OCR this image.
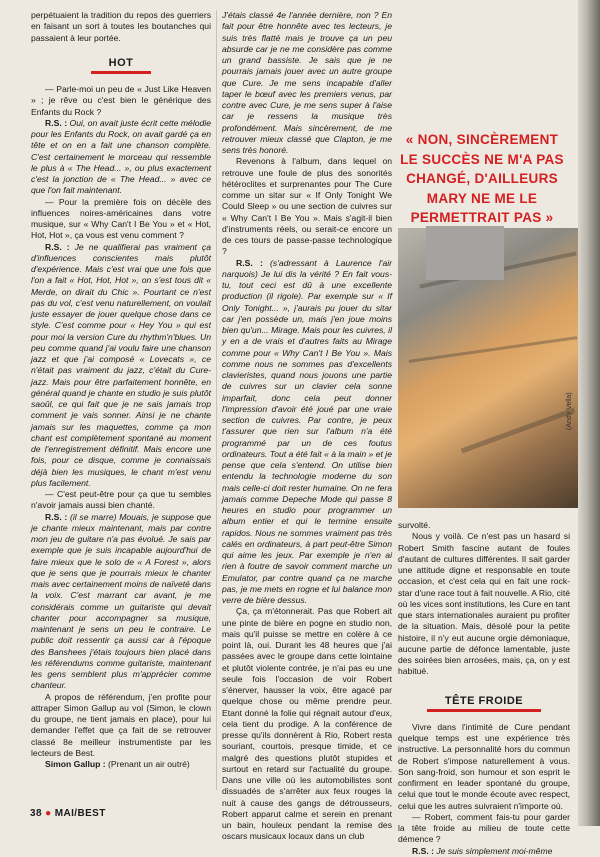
perpétuaient la tradition du repos des guerriers en faisant un sort à toutes les boutanches qui passaient à leur portée.

HOT

— Parle-moi un peu de « Just Like Heaven » ; je rêve ou c'est bien le générique des Enfants du Rock ?

R.S. : Oui, on avait juste écrit cette mélodie pour les Enfants du Rock, on avait gardé ça en tête et on en a fait une chanson complète. C'est certainement le morceau qui ressemble le plus à « The Head... », ou plus exactement c'est la jonction de « The Head... » avec ce que l'on fait maintenant.

— Pour la première fois on décèle des influences noires-américaines dans votre musique, sur « Why Can't I Be You » et « Hot, Hot, Hot », ça vous est venu comment ?

R.S. : Je ne qualifierai pas vraiment ça d'influences conscientes mais plutôt d'expérience. Mais c'est vrai que une fois que l'on a fait « Hot, Hot, Hot », on s'est tous dit « Merde, on dirait du Chic ». Pourtant ce n'est pas du vol, c'est venu naturellement, on voulait juste essayer de jouer quelque chose dans ce style. C'est comme pour « Hey You » qui est pour moi la version Cure du rhythm'n'blues. Un peu comme quand j'ai voulu faire une chanson jazz et que j'ai composé « Lovecats », ce n'était pas vraiment du jazz, c'était du Cure-jazz. Mais pour être parfaitement honnête, en général quand je chante en studio je suis plutôt saoûl, ce qui fait que je ne sais jamais trop comment je vais sonner. Ainsi je ne chante jamais sur les maquettes, comme ça mon chant est complètement spontané au moment de l'enregistrement définitif. Mais encore une fois, pour ce disque, comme je connaissais déjà bien les musiques, le chant m'est venu plus facilement.

— C'est peut-être pour ça que tu sembles n'avoir jamais aussi bien chanté.

R.S. : (il se marre) Mouais, je suppose que je chante mieux maintenant, mais par contre mon jeu de guitare n'a pas évolué. Je sais par exemple que je suis incapable aujourd'hui de faire mieux que le solo de « A Forest », alors que je sens que je pourrais mieux le chanter mais avec certainement moins de naïveté dans la voix. C'est marrant car avant, je me considérais comme un guitariste qui devait chanter pour accompagner sa musique, maintenant je sens un peu le contraire. Le public doit ressentir ça aussi car à l'époque des Banshees j'étais toujours bien placé dans les référendums comme guitariste, maintenant les gens semblent plus m'apprécier comme chanteur.

A propos de référendum, j'en profite pour attraper Simon Gallup au vol (Simon, le clown du groupe, ne tient jamais en place), pour lui demander l'effet que ça fait de se retrouver classé 8e meilleur instrumentiste par les lecteurs de Best.

Simon Gallup : (Prenant un air outré)

J'étais classé 4e l'année dernière, non ? En fait pour être honnête avec tes lecteurs, je suis très flatté mais je trouve ça un peu absurde car je ne me considère pas comme un grand bassiste. Je sais que je ne pourrais jamais jouer avec un autre groupe que Cure. Je me sens incapable d'aller taper le bœuf avec les premiers venus, par contre avec Cure, je me sens super à l'aise car je ressens la musique très profondément. Mais sincèrement, de me retrouver mieux classé que Clapton, je me sens très honoré.

Revenons à l'album, dans lequel on retrouve une foule de plus des sonorités hétéroclites et surprenantes pour The Cure comme un sitar sur « If Only Tonight We Could Sleep » ou une section de cuivres sur « Why Can't I Be You ». Mais s'agit-il bien d'instruments réels, ou serait-ce encore un de ces tours de passe-passe technologique ?

R.S. : (s'adressant à Laurence l'air narquois) Je lui dis la vérité ? En fait vous-tu, tout ceci est dû à une excellente production (il rigole). Par exemple sur « If Only Tonight... », j'aurais pu jouer du sitar car j'en possède un, mais j'en joue moins bien qu'un... Mirage. Mais pour les cuivres, il y en a de vrais et d'autres faits au Mirage comme pour « Why Can't I Be You ». Mais comme nous ne sommes pas d'excellents clavieristes, quand nous jouons une partie de cuivres sur un clavier cela sonne imparfait, donc cela peut donner l'impression d'avoir été joué par une vraie section de cuivres. Par contre, je peux t'assurer que rien sur l'album n'a été programmé par un de ces foutus ordinateurs. Tout a été fait « à la main » et je pense que cela s'entend. On utilise bien entendu la technologie moderne du son mais celle-ci doit rester humaine. On ne fera jamais comme Depeche Mode qui passe 8 heures en studio pour programmer un album entier et qui le termine ensuite rapidos. Nous ne sommes vraiment pas très calés en ordinateurs, à part peut-être Simon qui aime les jeux. Par exemple je n'en ai rien à foutre de savoir comment marche un Emulator, par contre quand ça ne marche pas, je me mets en rogne et lui balance mon verre de bière dessus.

Ça, ça m'étonnerait. Pas que Robert ait une pinte de bière en pogne en studio non, mais qu'il puisse se mettre en colère à ce point là, oui. Durant les 48 heures que j'ai passées avec le groupe dans cette lointaine et plutôt violente contrée, je n'ai pas eu une seule fois l'occasion de voir Robert s'énerver, hausser la voix, être agacé par quelque chose ou même prendre peur. Etant donné la folie qui régnait autour d'eux, cela tient du prodige. A la conférence de presse qu'ils donnèrent à Rio, Robert resta souriant, courtois, presque timide, et ce malgré des questions plutôt stupides et surtout en retard sur l'actualité du groupe. Dans une ville où les automobilistes sont dissuadés de s'arrêter aux feux rouges la nuit à cause des gangs de détrousseurs, Robert apparut calme et serein en prenant un bain, houleux pendant la remise des oscars musicaux locaux dans un club

« NON, SINCÈREMENT LE SUCCÈS NE M'A PAS CHANGÉ, D'AILLEURS MARY NE ME LE PERMETTRAIT PAS »
(Andy Vella)

survolté.

Nous y voilà. Ce n'est pas un hasard si Robert Smith fascine autant de foules d'autant de cultures différentes. Il sait garder une attitude digne et responsable en toute occasion, et c'est cela qui en fait une rock-star d'une race tout à fait nouvelle. A Rio, cité où les vices sont institutions, les Cure en tant que stars internationales auraient pu profiter de la situation. Mais, désolé pour la petite histoire, il n'y eut aucune orgie démoniaque, aucune partie de défonce lamentable, juste des soirées bien arrosées, mais, ça, on y est habitué.

TÊTE FROIDE

Vivre dans l'intimité de Cure pendant quelque temps est une expérience très instructive. La personnalité hors du commun de Robert s'impose naturellement à vous. Son sang-froid, son humour et son esprit le confirment en leader spontané du groupe, celui que tout le monde écoute avec respect, celui que les autres suivraient n'importe où.

— Robert, comment fais-tu pour garder la tête froide au milieu de toute cette démence ?

R.S. : Je suis simplement moi-même

38 ● MAI/BEST
